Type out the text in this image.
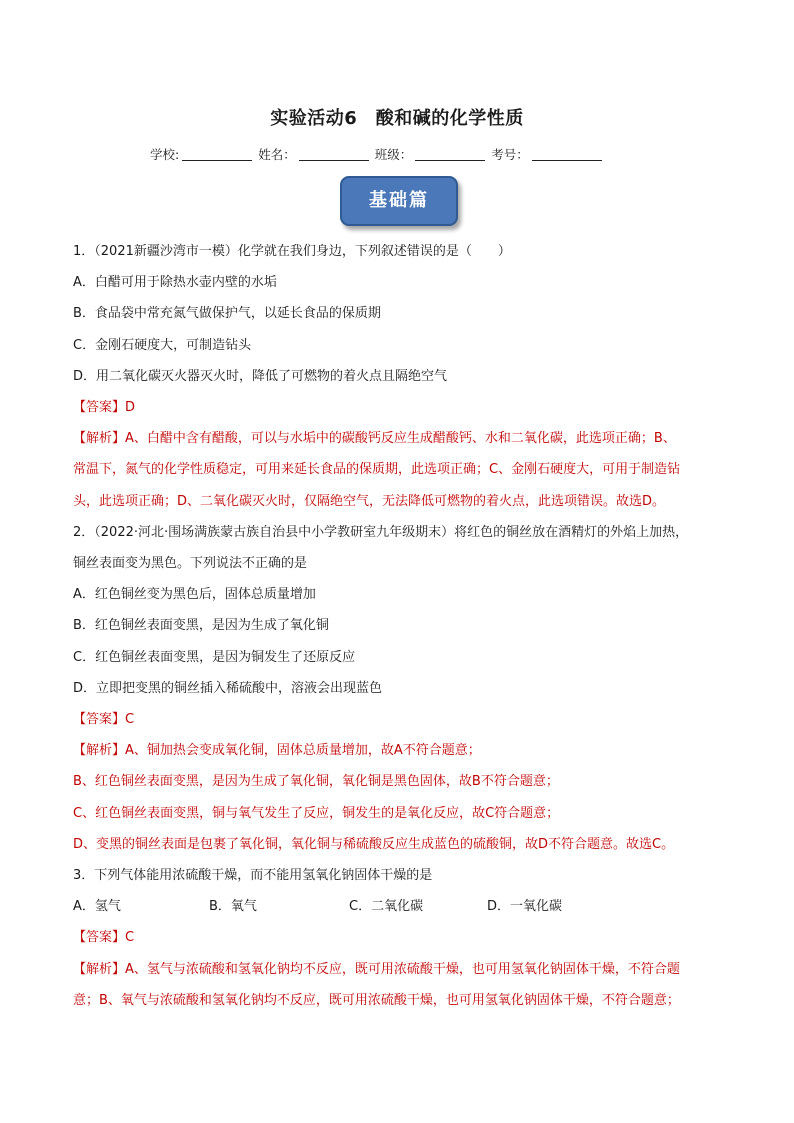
实验活动6　酸和碱的化学性质
学校:	姓名：	班级：	考号：
基础篇
1．（2021新疆沙湾市一模）化学就在我们身边，下列叙述错误的是（　　）
A．白醋可用于除热水壶内壁的水垢
B．食品袋中常充氮气做保护气，以延长食品的保质期
C．金刚石硬度大，可制造钻头
D．用二氧化碳灭火器灭火时，降低了可燃物的着火点且隔绝空气
【答案】D
【解析】A、白醋中含有醋酸，可以与水垢中的碳酸钙反应生成醋酸钙、水和二氧化碳，此选项正确；B、
常温下，氮气的化学性质稳定，可用来延长食品的保质期，此选项正确；C、金刚石硬度大，可用于制造钻
头，此选项正确；D、二氧化碳灭火时，仅隔绝空气，无法降低可燃物的着火点，此选项错误。故选D。
2．（2022·河北·围场满族蒙古族自治县中小学教研室九年级期末）将红色的铜丝放在酒精灯的外焰上加热，
铜丝表面变为黑色。下列说法不正确的是
A．红色铜丝变为黑色后，固体总质量增加
B．红色铜丝表面变黑，是因为生成了氧化铜
C．红色铜丝表面变黑，是因为铜发生了还原反应
D．立即把变黑的铜丝插入稀硫酸中，溶液会出现蓝色
【答案】C
【解析】A、铜加热会变成氧化铜，固体总质量增加，故A不符合题意；
B、红色铜丝表面变黑，是因为生成了氧化铜，氧化铜是黑色固体，故B不符合题意；
C、红色铜丝表面变黑，铜与氧气发生了反应，铜发生的是氧化反应，故C符合题意；
D、变黑的铜丝表面是包裹了氧化铜，氧化铜与稀硫酸反应生成蓝色的硫酸铜，故D不符合题意。故选C。
3．下列气体能用浓硫酸干燥，而不能用氢氧化钠固体干燥的是
A．氢气	B．氧气	C．二氧化碳	D．一氧化碳
【答案】C
【解析】A、氢气与浓硫酸和氢氧化钠均不反应，既可用浓硫酸干燥，也可用氢氧化钠固体干燥，不符合题
意；B、氧气与浓硫酸和氢氧化钠均不反应，既可用浓硫酸干燥，也可用氢氧化钠固体干燥，不符合题意；
